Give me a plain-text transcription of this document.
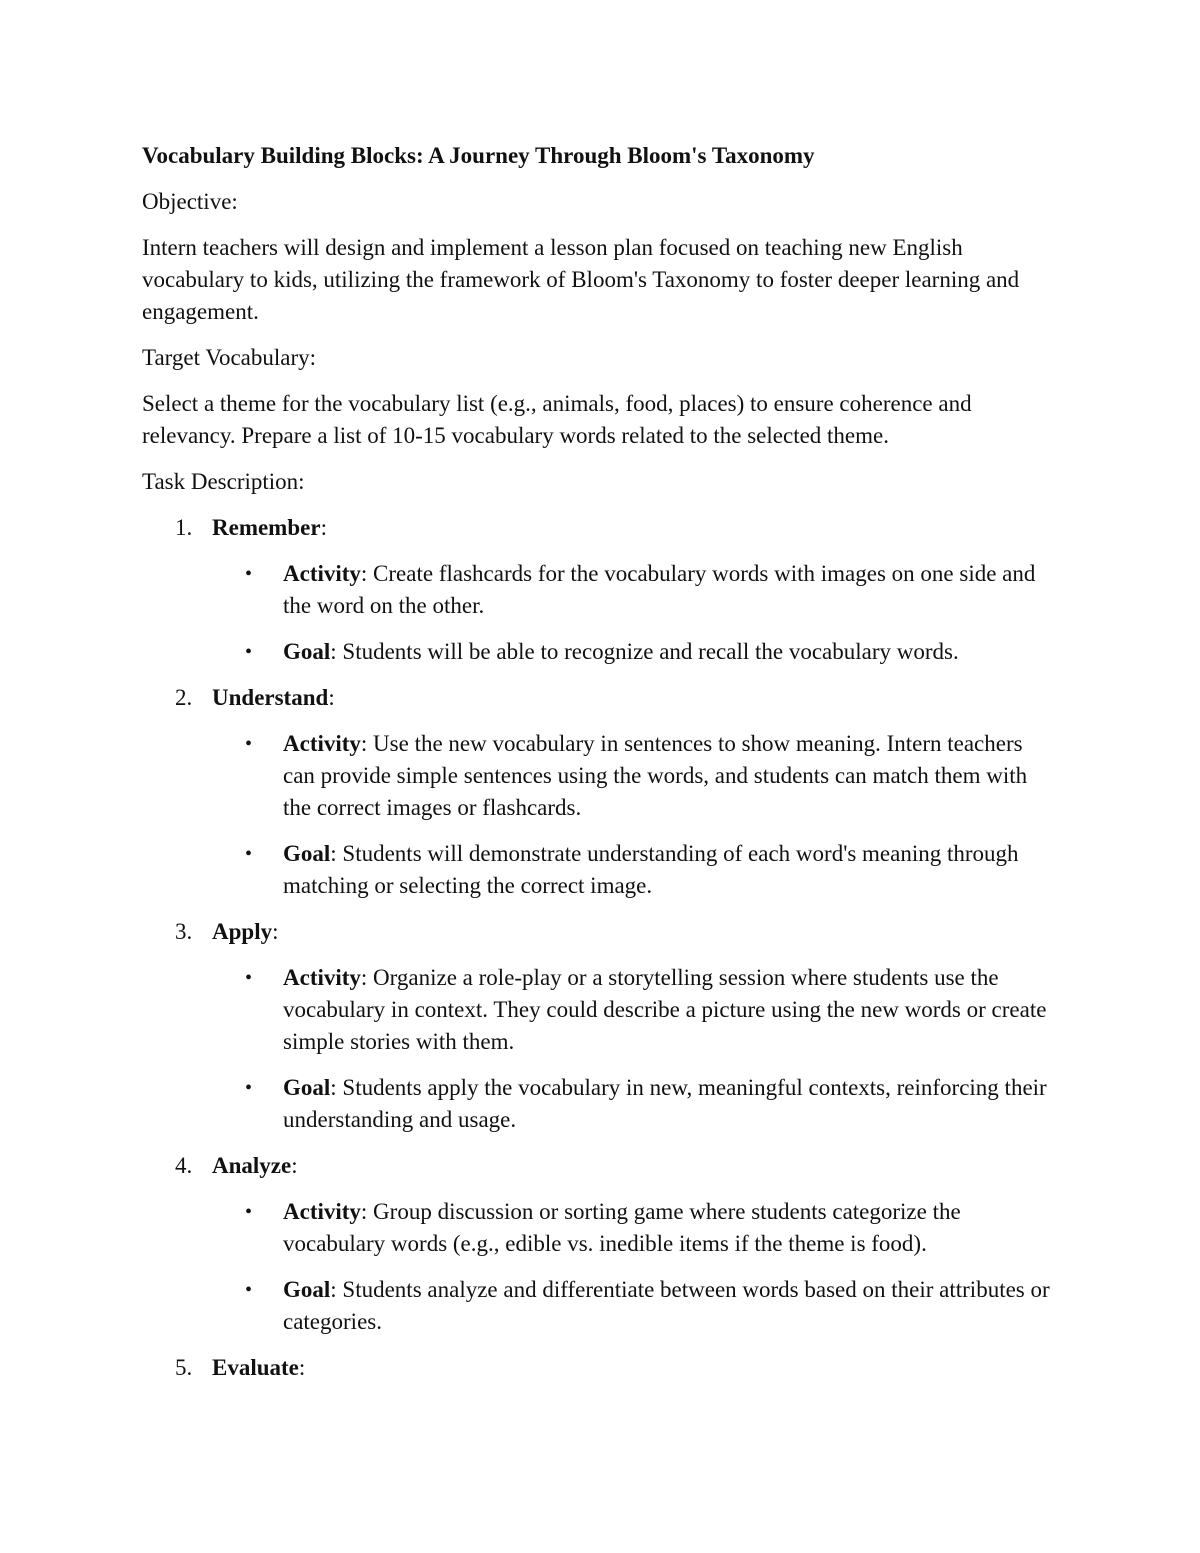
Vocabulary Building Blocks: A Journey Through Bloom's Taxonomy
Objective:
Intern teachers will design and implement a lesson plan focused on teaching new English vocabulary to kids, utilizing the framework of Bloom's Taxonomy to foster deeper learning and engagement.
Target Vocabulary:
Select a theme for the vocabulary list (e.g., animals, food, places) to ensure coherence and relevancy. Prepare a list of 10-15 vocabulary words related to the selected theme.
Task Description:
1. Remember:
•	Activity: Create flashcards for the vocabulary words with images on one side and the word on the other.
•	Goal: Students will be able to recognize and recall the vocabulary words.
2. Understand:
•	Activity: Use the new vocabulary in sentences to show meaning. Intern teachers can provide simple sentences using the words, and students can match them with the correct images or flashcards.
•	Goal: Students will demonstrate understanding of each word's meaning through matching or selecting the correct image.
3. Apply:
•	Activity: Organize a role-play or a storytelling session where students use the vocabulary in context. They could describe a picture using the new words or create simple stories with them.
•	Goal: Students apply the vocabulary in new, meaningful contexts, reinforcing their understanding and usage.
4. Analyze:
•	Activity: Group discussion or sorting game where students categorize the vocabulary words (e.g., edible vs. inedible items if the theme is food).
•	Goal: Students analyze and differentiate between words based on their attributes or categories.
5. Evaluate:
